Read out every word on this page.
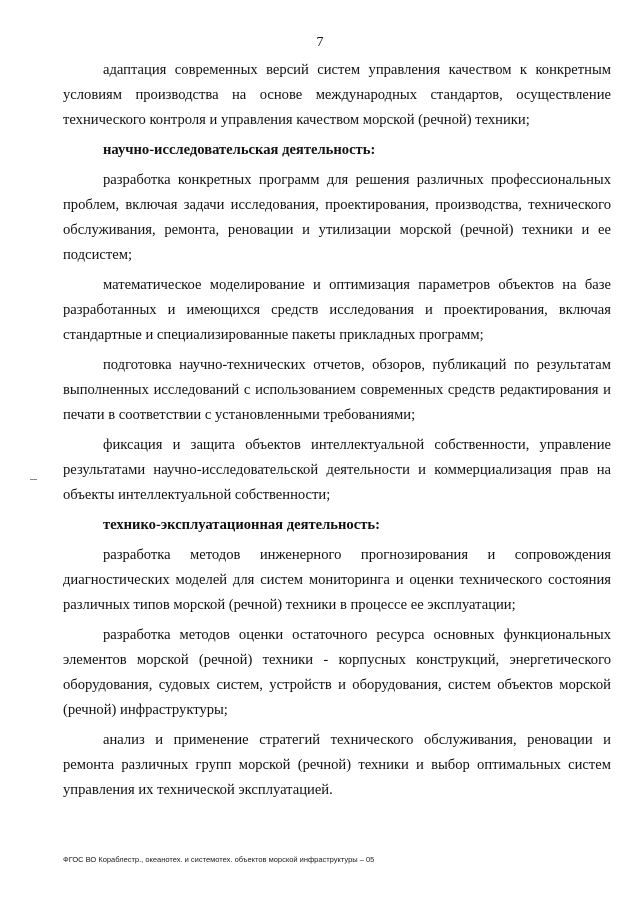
7

адаптация современных версий систем управления качеством к конкретным условиям производства на основе международных стандартов, осуществление технического контроля и управления качеством морской (речной) техники;

научно-исследовательская деятельность:

разработка конкретных программ для решения различных профессиональных проблем, включая задачи исследования, проектирования, производства, технического обслуживания, ремонта, реновации и утилизации морской (речной) техники и ее подсистем;

математическое моделирование и оптимизация параметров объектов на базе разработанных и имеющихся средств исследования и проектирования, включая стандартные и специализированные пакеты прикладных программ;

подготовка научно-технических отчетов, обзоров, публикаций по результатам выполненных исследований с использованием современных средств редактирования и печати в соответствии с установленными требованиями;

фиксация и защита объектов интеллектуальной собственности, управление результатами научно-исследовательской деятельности и коммерциализация прав на объекты интеллектуальной собственности;

технико-эксплуатационная деятельность:

разработка методов инженерного прогнозирования и сопровождения диагностических моделей для систем мониторинга и оценки технического состояния различных типов морской (речной) техники в процессе ее эксплуатации;

разработка методов оценки остаточного ресурса основных функциональных элементов морской (речной) техники - корпусных конструкций, энергетического оборудования, судовых систем, устройств и оборудования, систем объектов морской (речной) инфраструктуры;

анализ и применение стратегий технического обслуживания, реновации и ремонта различных групп морской (речной) техники и выбор оптимальных систем управления их технической эксплуатацией.

ФГОС ВО Кораблестр., океанотех. и системотех. объектов морской инфраструктуры – 05
